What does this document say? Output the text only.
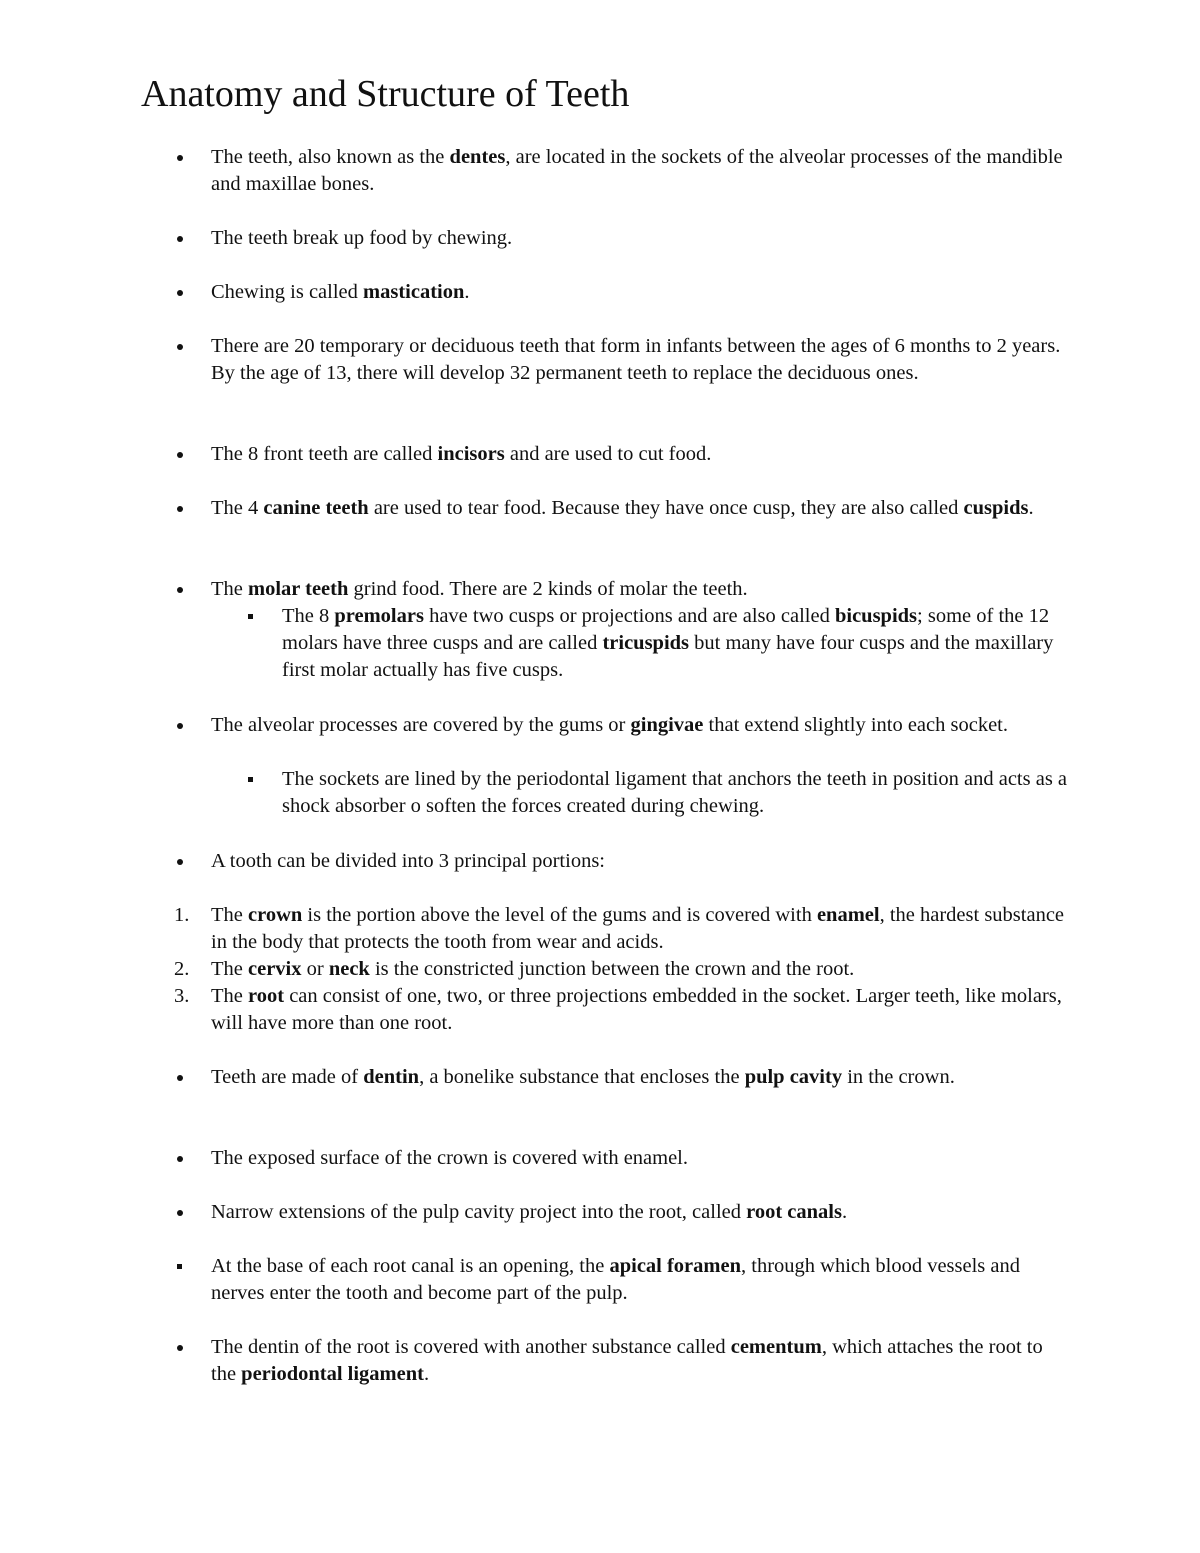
Anatomy and Structure of Teeth
The teeth, also known as the dentes, are located in the sockets of the alveolar processes of the mandible and maxillae bones.
The teeth break up food by chewing.
Chewing is called mastication.
There are 20 temporary or deciduous teeth that form in infants between the ages of 6 months to 2 years. By the age of 13, there will develop 32 permanent teeth to replace the deciduous ones.
The 8 front teeth are called incisors and are used to cut food.
The 4 canine teeth are used to tear food. Because they have once cusp, they are also called cuspids.
The molar teeth grind food. There are 2 kinds of molar the teeth.
The 8 premolars have two cusps or projections and are also called bicuspids; some of the 12 molars have three cusps and are called tricuspids but many have four cusps and the maxillary first molar actually has five cusps.
The alveolar processes are covered by the gums or gingivae that extend slightly into each socket.
The sockets are lined by the periodontal ligament that anchors the teeth in position and acts as a shock absorber o soften the forces created during chewing.
A tooth can be divided into 3 principal portions:
1.	The crown is the portion above the level of the gums and is covered with enamel, the hardest substance in the body that protects the tooth from wear and acids.
2.	The cervix or neck is the constricted junction between the crown and the root.
3.	The root can consist of one, two, or three projections embedded in the socket. Larger teeth, like molars, will have more than one root.
Teeth are made of dentin, a bonelike substance that encloses the pulp cavity in the crown.
The exposed surface of the crown is covered with enamel.
Narrow extensions of the pulp cavity project into the root, called root canals.
At the base of each root canal is an opening, the apical foramen, through which blood vessels and nerves enter the tooth and become part of the pulp.
The dentin of the root is covered with another substance called cementum, which attaches the root to the periodontal ligament.
